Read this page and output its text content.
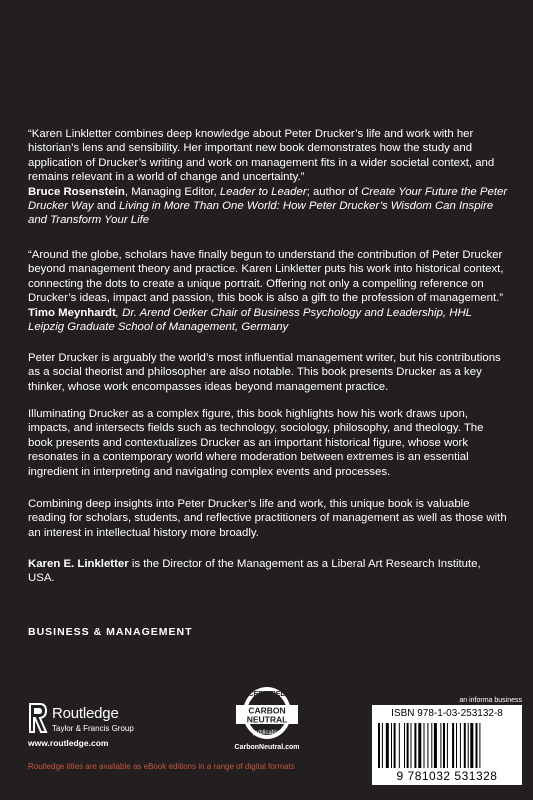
“Karen Linkletter combines deep knowledge about Peter Drucker’s life and work with her historian’s lens and sensibility. Her important new book demonstrates how the study and application of Drucker’s writing and work on management fits in a wider societal context, and remains relevant in a world of change and uncertainty.”
Bruce Rosenstein, Managing Editor, Leader to Leader; author of Create Your Future the Peter Drucker Way and Living in More Than One World: How Peter Drucker’s Wisdom Can Inspire and Transform Your Life

“Around the globe, scholars have finally begun to understand the contribution of Peter Drucker beyond management theory and practice. Karen Linkletter puts his work into historical context, connecting the dots to create a unique portrait. Offering not only a compelling reference on Drucker’s ideas, impact and passion, this book is also a gift to the profession of management.”
Timo Meynhardt, Dr. Arend Oetker Chair of Business Psychology and Leadership, HHL Leipzig Graduate School of Management, Germany

Peter Drucker is arguably the world’s most influential management writer, but his contributions as a social theorist and philosopher are also notable. This book presents Drucker as a key thinker, whose work encompasses ideas beyond management practice.

Illuminating Drucker as a complex figure, this book highlights how his work draws upon, impacts, and intersects fields such as technology, sociology, philosophy, and theology. The book presents and contextualizes Drucker as an important historical figure, whose work resonates in a contemporary world where moderation between extremes is an essential ingredient in interpreting and navigating complex events and processes.

Combining deep insights into Peter Drucker’s life and work, this unique book is valuable reading for scholars, students, and reflective practitioners of management as well as those with an interest in intellectual history more broadly.

Karen E. Linkletter is the Director of the Management as a Liberal Art Research Institute, USA.

BUSINESS & MANAGEMENT

Routledge
Taylor & Francis Group
www.routledge.com

Routledge titles are available as eBook editions in a range of digital formats

CERTIFIED
CARBON
NEUTRAL
publication

CarbonNeutral.com

an informa business
ISBN 978-1-03-253132-8
9 781032 531328
